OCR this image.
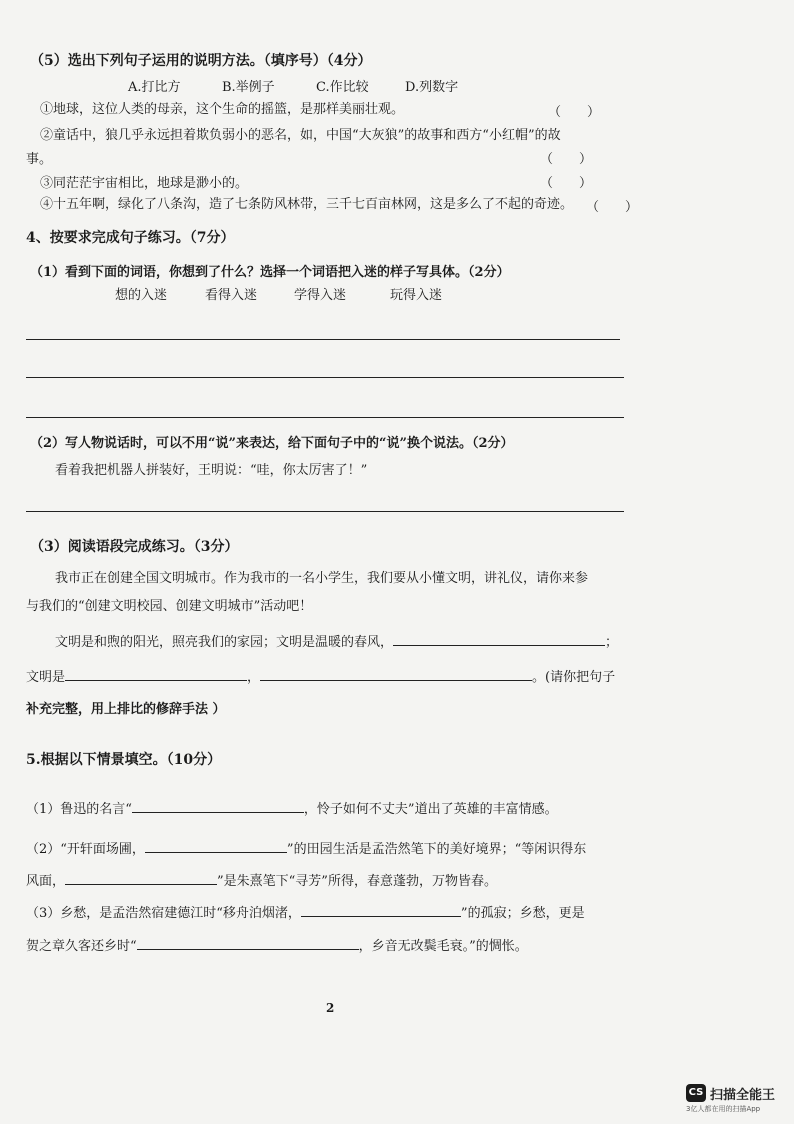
（5）选出下列句子运用的说明方法。（填序号）（4分）
A.打比方	B.举例子	C.作比较	D.列数字
①地球，这位人类的母亲，这个生命的摇篮，是那样美丽壮观。	（　　）
②童话中，狼几乎永远担着欺负弱小的恶名，如，中国“大灰狼”的故事和西方“小红帽”的故
事。	（　　）
③同茫茫宇宙相比，地球是渺小的。	（　　）
④十五年啊，绿化了八条沟，造了七条防风林带，三千七百亩林网，这是多么了不起的奇迹。 （　　）
4、按要求完成句子练习。（7分）
（1）看到下面的词语，你想到了什么？选择一个词语把入迷的样子写具体。（2分）
想的入迷	看得入迷	学得入迷	玩得入迷
（2）写人物说话时，可以不用“说”来表达，给下面句子中的“说”换个说法。（2分）
看着我把机器人拼装好，王明说：“哇，你太厉害了！”
（3）阅读语段完成练习。（3分）
我市正在创建全国文明城市。作为我市的一名小学生，我们要从小懂文明，讲礼仪，请你来参
与我们的“创建文明校园、创建文明城市”活动吧！
文明是和煦的阳光，照亮我们的家园；文明是温暖的春风，	；
文明是	，	。(请你把句子
补充完整，用上排比的修辞手法 ）
5.根据以下情景填空。（10分）
（1）鲁迅的名言“	，怜子如何不丈夫”道出了英雄的丰富情感。
（2）“开轩面场圃，	”的田园生活是孟浩然笔下的美好境界；“等闲识得东
风面，	”是朱熹笔下“寻芳”所得，春意蓬勃，万物皆春。
（3）乡愁，是孟浩然宿建德江时“移舟泊烟渚，	”的孤寂；乡愁，更是
贺之章久客还乡时“	，乡音无改鬓毛衰。”的惆怅。
2
CS 扫描全能王
3亿人都在用的扫描App
